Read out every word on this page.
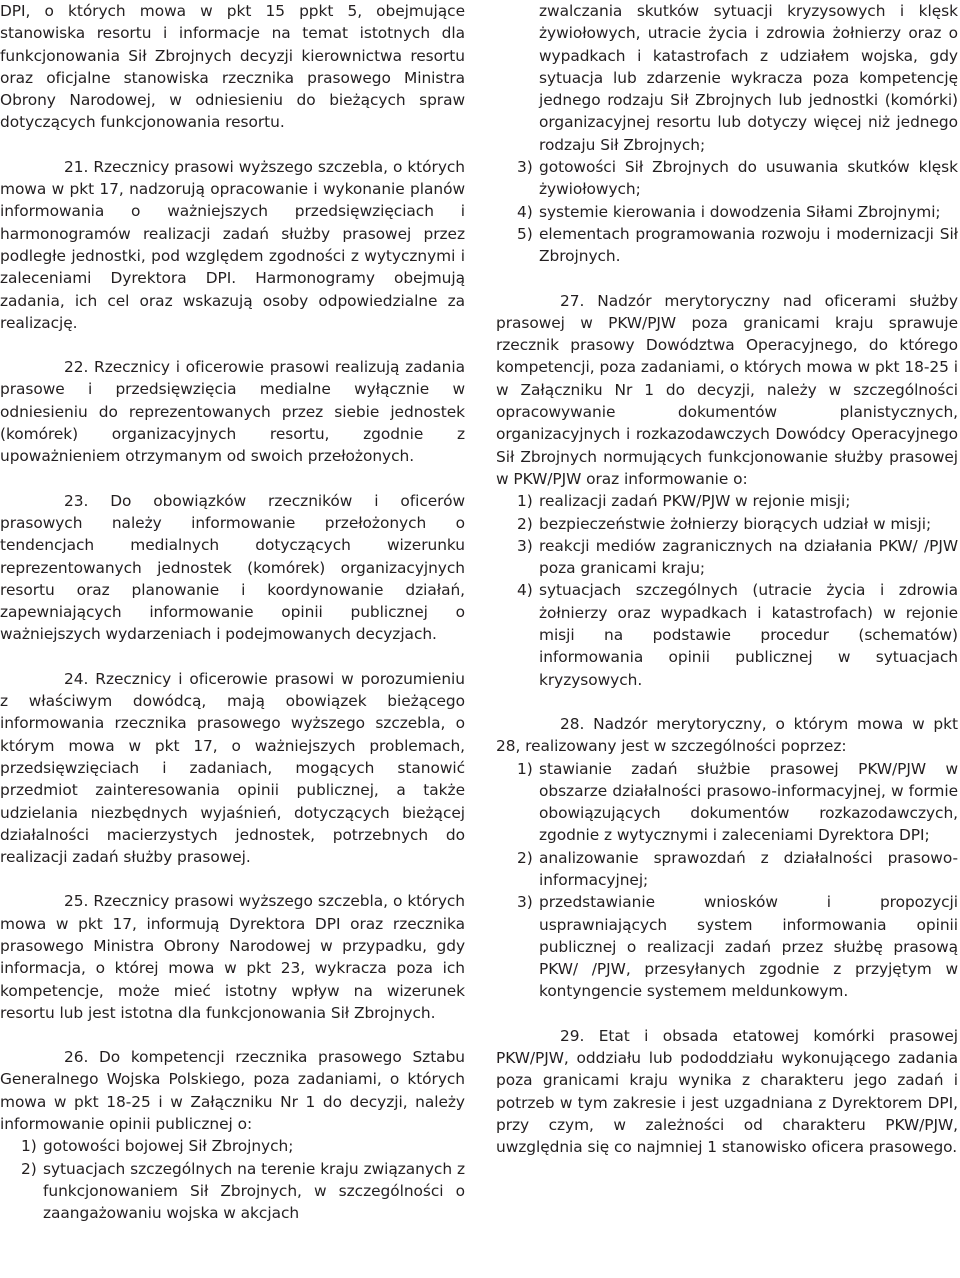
DPI, o których mowa w pkt 15 ppkt 5, obejmujące stanowiska resortu i informacje na temat istotnych dla funkcjonowania Sił Zbrojnych decyzji kierownictwa resortu oraz oficjalne stanowiska rzecznika prasowego Ministra Obrony Narodowej, w odniesieniu do bieżących spraw dotyczących funkcjonowania resortu.

21. Rzecznicy prasowi wyższego szczebla, o których mowa w pkt 17, nadzorują opracowanie i wykonanie planów informowania o ważniejszych przedsięwzięciach i harmonogramów realizacji zadań służby prasowej przez podległe jednostki, pod względem zgodności z wytycznymi i zaleceniami Dyrektora DPI. Harmonogramy obejmują zadania, ich cel oraz wskazują osoby odpowiedzialne za realizację.

22. Rzecznicy i oficerowie prasowi realizują zadania prasowe i przedsięwzięcia medialne wyłącznie w odniesieniu do reprezentowanych przez siebie jednostek (komórek) organizacyjnych resortu, zgodnie z upoważnieniem otrzymanym od swoich przełożonych.

23. Do obowiązków rzeczników i oficerów prasowych należy informowanie przełożonych o tendencjach medialnych dotyczących wizerunku reprezentowanych jednostek (komórek) organizacyjnych resortu oraz planowanie i koordynowanie działań, zapewniających informowanie opinii publicznej o ważniejszych wydarzeniach i podejmowanych decyzjach.

24. Rzecznicy i oficerowie prasowi w porozumieniu z właściwym dowódcą, mają obowiązek bieżącego informowania rzecznika prasowego wyższego szczebla, o którym mowa w pkt 17, o ważniejszych problemach, przedsięwzięciach i zadaniach, mogących stanowić przedmiot zainteresowania opinii publicznej, a także udzielania niezbędnych wyjaśnień, dotyczących bieżącej działalności macierzystych jednostek, potrzebnych do realizacji zadań służby prasowej.

25. Rzecznicy prasowi wyższego szczebla, o których mowa w pkt 17, informują Dyrektora DPI oraz rzecznika prasowego Ministra Obrony Narodowej w przypadku, gdy informacja, o której mowa w pkt 23, wykracza poza ich kompetencje, może mieć istotny wpływ na wizerunek resortu lub jest istotna dla funkcjonowania Sił Zbrojnych.

26. Do kompetencji rzecznika prasowego Sztabu Generalnego Wojska Polskiego, poza zadaniami, o których mowa w pkt 18-25 i w Załączniku Nr 1 do decyzji, należy informowanie opinii publicznej o:

1) gotowości bojowej Sił Zbrojnych;
2) sytuacjach szczególnych na terenie kraju związanych z funkcjonowaniem Sił Zbrojnych, w szczególności o zaangażowaniu wojska w akcjach

zwalczania skutków sytuacji kryzysowych i klęsk żywiołowych, utracie życia i zdrowia żołnierzy oraz o wypadkach i katastrofach z udziałem wojska, gdy sytuacja lub zdarzenie wykracza poza kompetencję jednego rodzaju Sił Zbrojnych lub jednostki (komórki) organizacyjnej resortu lub dotyczy więcej niż jednego rodzaju Sił Zbrojnych;

3) gotowości Sił Zbrojnych do usuwania skutków klęsk żywiołowych;
4) systemie kierowania i dowodzenia Siłami Zbrojnymi;
5) elementach programowania rozwoju i modernizacji Sił Zbrojnych.

27. Nadzór merytoryczny nad oficerami służby prasowej w PKW/PJW poza granicami kraju sprawuje rzecznik prasowy Dowództwa Operacyjnego, do którego kompetencji, poza zadaniami, o których mowa w pkt 18-25 i w Załączniku Nr 1 do decyzji, należy w szczególności opracowywanie dokumentów planistycznych, organizacyjnych i rozkazodawczych Dowódcy Operacyjnego Sił Zbrojnych normujących funkcjonowanie służby prasowej w PKW/PJW oraz informowanie o:

1) realizacji zadań PKW/PJW w rejonie misji;
2) bezpieczeństwie żołnierzy biorących udział w misji;
3) reakcji mediów zagranicznych na działania PKW/ /PJW poza granicami kraju;
4) sytuacjach szczególnych (utracie życia i zdrowia żołnierzy oraz wypadkach i katastrofach) w rejonie misji na podstawie procedur (schematów) informowania opinii publicznej w sytuacjach kryzysowych.

28. Nadzór merytoryczny, o którym mowa w pkt 28, realizowany jest w szczególności poprzez:

1) stawianie zadań służbie prasowej PKW/PJW w obszarze działalności prasowo-informacyjnej, w formie obowiązujących dokumentów rozkazodawczych, zgodnie z wytycznymi i zaleceniami Dyrektora DPI;
2) analizowanie sprawozdań z działalności prasowo-informacyjnej;
3) przedstawianie wniosków i propozycji usprawniających system informowania opinii publicznej o realizacji zadań przez służbę prasową PKW/ /PJW, przesyłanych zgodnie z przyjętym w kontyngencie systemem meldunkowym.

29. Etat i obsada etatowej komórki prasowej PKW/PJW, oddziału lub pododdziału wykonującego zadania poza granicami kraju wynika z charakteru jego zadań i potrzeb w tym zakresie i jest uzgadniana z Dyrektorem DPI, przy czym, w zależności od charakteru PKW/PJW, uwzględnia się co najmniej 1 stanowisko oficera prasowego.
